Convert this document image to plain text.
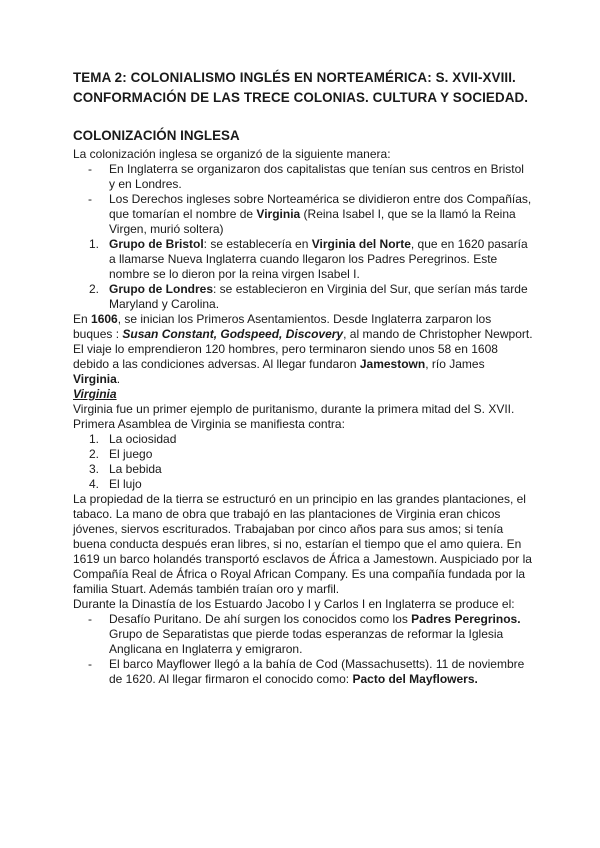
TEMA 2: COLONIALISMO INGLÉS EN NORTEAMÉRICA: S. XVII-XVIII. CONFORMACIÓN DE LAS TRECE COLONIAS. CULTURA Y SOCIEDAD.
COLONIZACIÓN INGLESA

La colonización inglesa se organizó de la siguiente manera:

- En Inglaterra se organizaron dos capitalistas que tenían sus centros en Bristol y en Londres.
- Los Derechos ingleses sobre Norteamérica se dividieron entre dos Compañías, que tomarían el nombre de Virginia (Reina Isabel I, que se la llamó la Reina Virgen, murió soltera)
1. Grupo de Bristol: se establecería en Virginia del Norte, que en 1620 pasaría a llamarse Nueva Inglaterra cuando llegaron los Padres Peregrinos. Este nombre se lo dieron por la reina virgen Isabel I.
2. Grupo de Londres: se establecieron en Virginia del Sur, que serían más tarde Maryland y Carolina.

En 1606, se inician los Primeros Asentamientos. Desde Inglaterra zarparon los buques : Susan Constant, Godspeed, Discovery, al mando de Christopher Newport. El viaje lo emprendieron 120 hombres, pero terminaron siendo unos 58 en 1608 debido a las condiciones adversas. Al llegar fundaron Jamestown, río James Virginia.

Virginia

Virginia fue un primer ejemplo de puritanismo, durante la primera mitad del S. XVII. Primera Asamblea de Virginia se manifiesta contra:

1. La ociosidad
2. El juego
3. La bebida
4. El lujo

La propiedad de la tierra se estructuró en un principio en las grandes plantaciones, el tabaco. La mano de obra que trabajó en las plantaciones de Virginia eran chicos jóvenes, siervos escriturados. Trabajaban por cinco años para sus amos; si tenía buena conducta después eran libres, si no, estarían el tiempo que el amo quiera. En 1619 un barco holandés transportó esclavos de África a Jamestown. Auspiciado por la Compañía Real de África o Royal African Company. Es una compañía fundada por la familia Stuart. Además también traían oro y marfil.

Durante la Dinastía de los Estuardo Jacobo I y Carlos I en Inglaterra se produce el:

- Desafío Puritano. De ahí surgen los conocidos como los Padres Peregrinos. Grupo de Separatistas que pierde todas esperanzas de reformar la Iglesia Anglicana en Inglaterra y emigraron.
- El barco Mayflower llegó a la bahía de Cod (Massachusetts). 11 de noviembre de 1620. Al llegar firmaron el conocido como: Pacto del Mayflowers.
